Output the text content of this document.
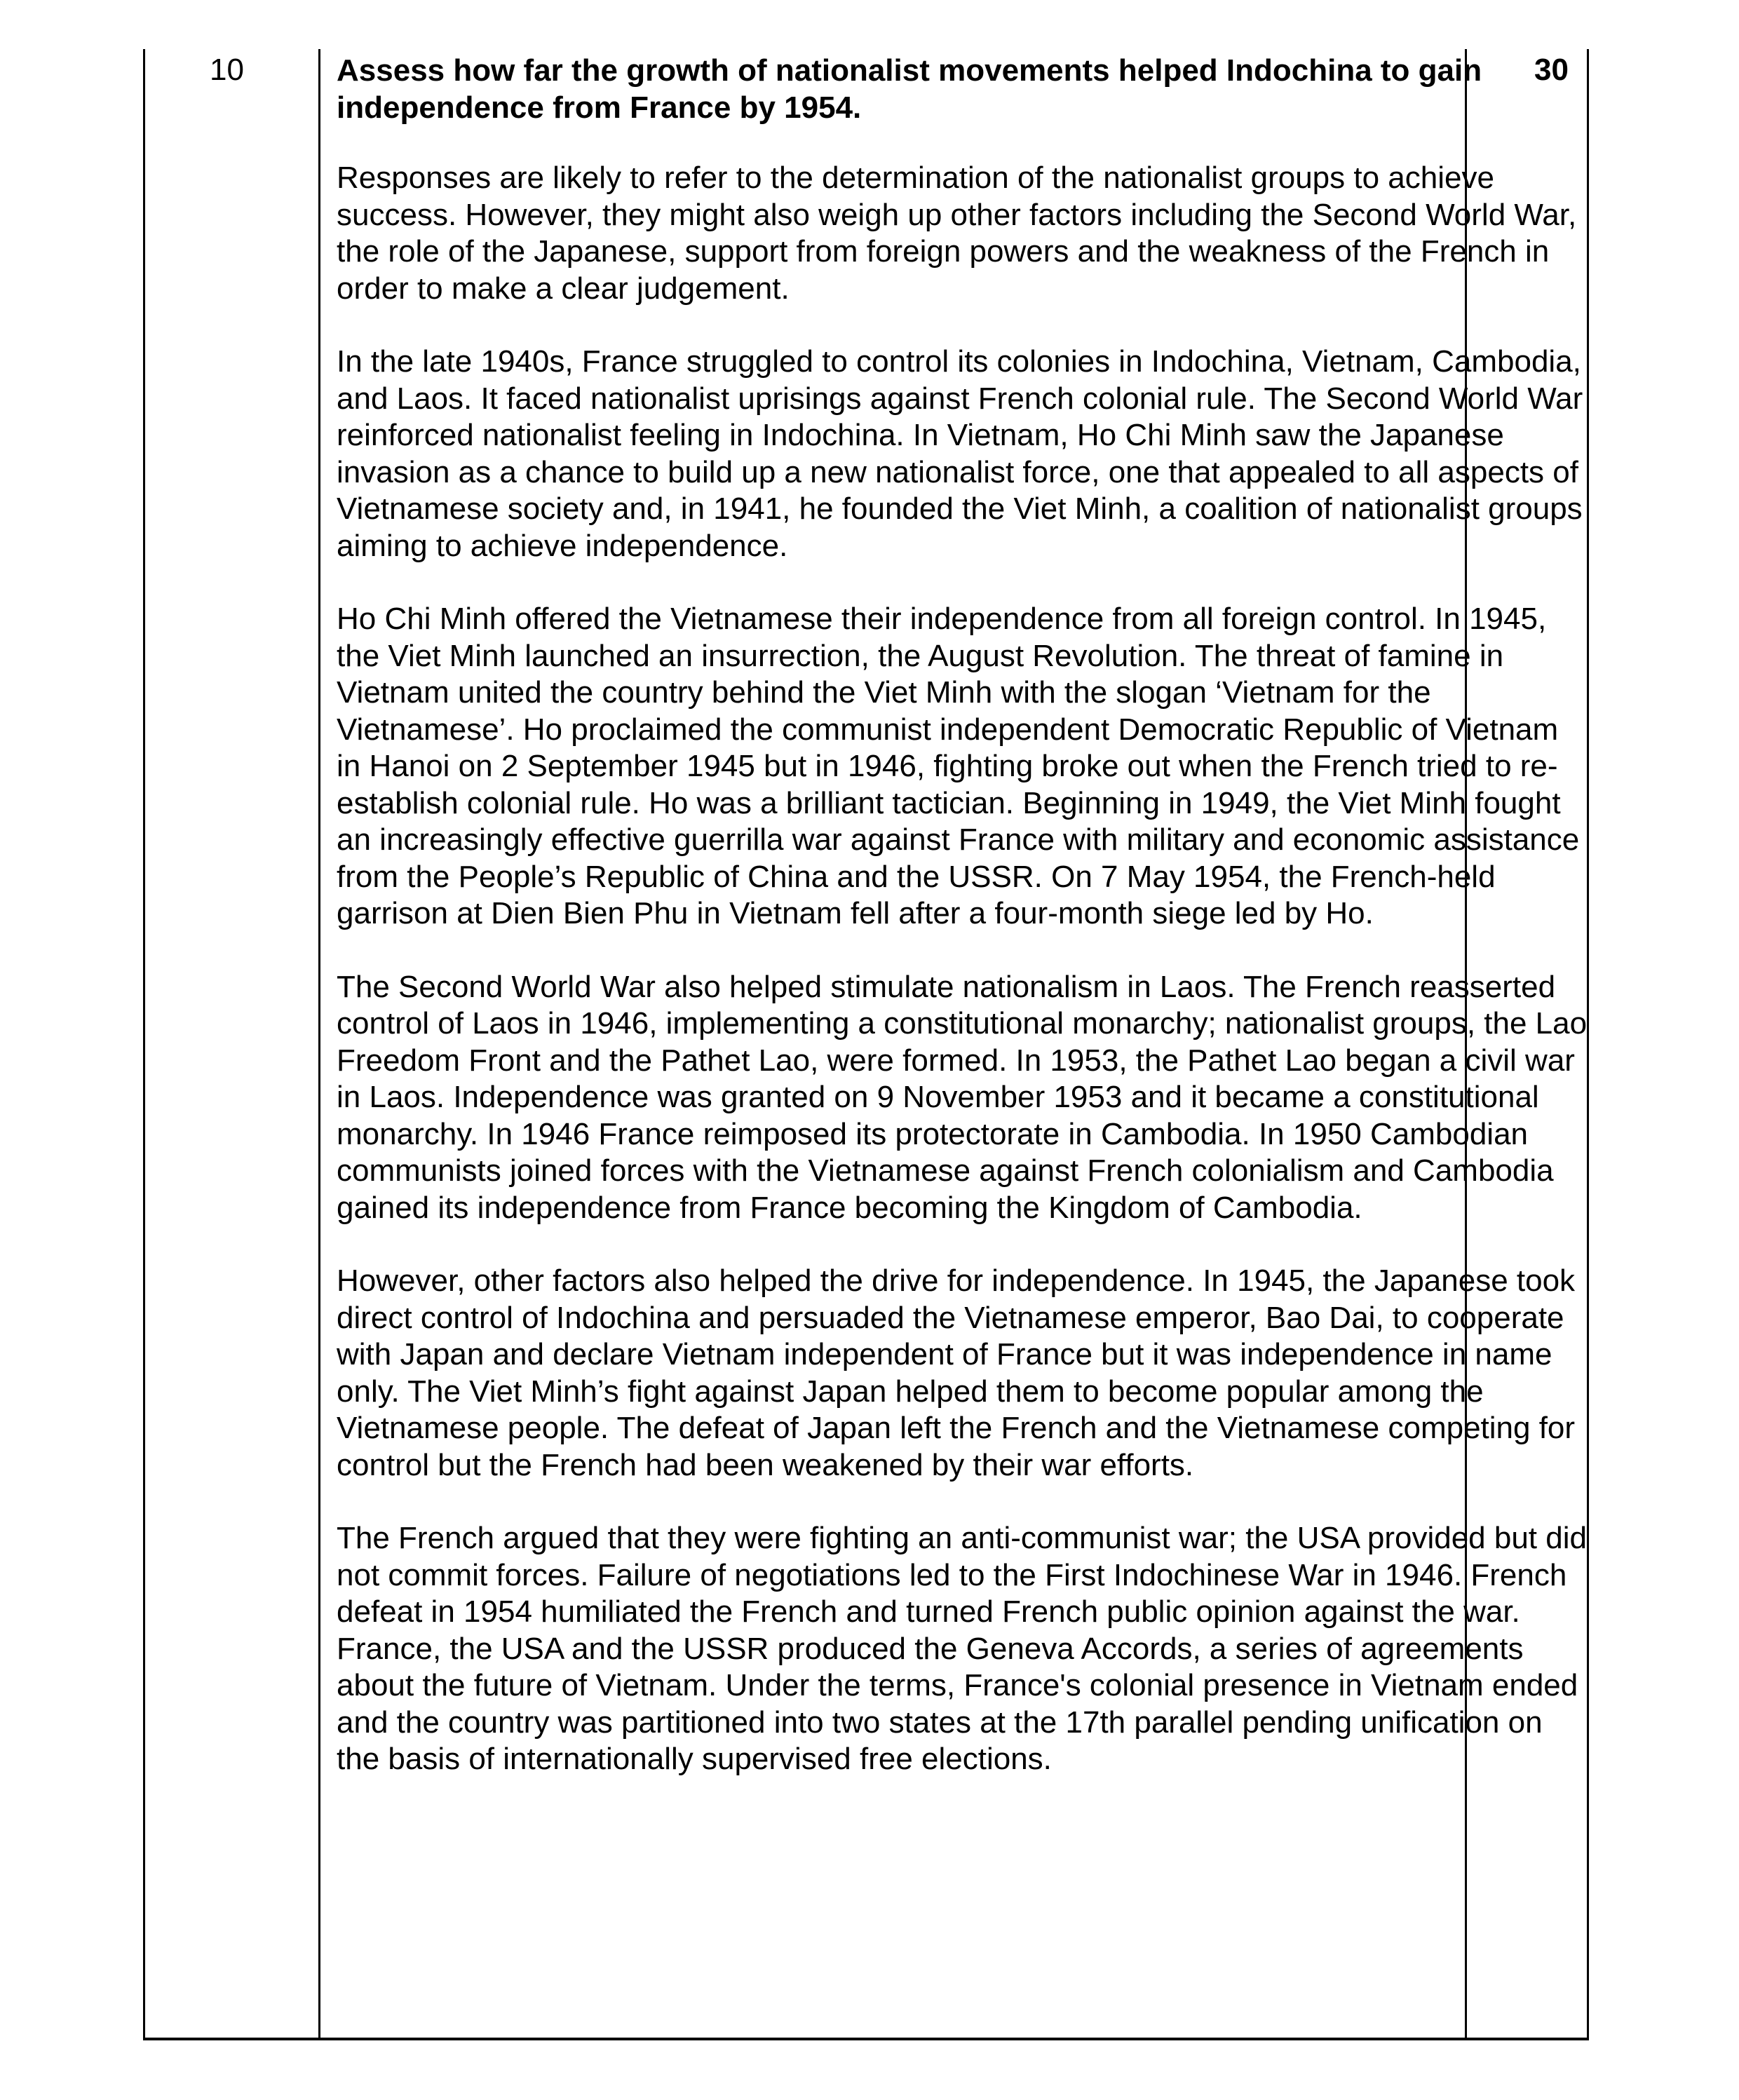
10	Assess how far the growth of nationalist movements helped Indochina to gain independence from France by 1954.

Responses are likely to refer to the determination of the nationalist groups to achieve success. However, they might also weigh up other factors including the Second World War, the role of the Japanese, support from foreign powers and the weakness of the French in order to make a clear judgement.

In the late 1940s, France struggled to control its colonies in Indochina, Vietnam, Cambodia, and Laos. It faced nationalist uprisings against French colonial rule. The Second World War reinforced nationalist feeling in Indochina. In Vietnam, Ho Chi Minh saw the Japanese invasion as a chance to build up a new nationalist force, one that appealed to all aspects of Vietnamese society and, in 1941, he founded the Viet Minh, a coalition of nationalist groups aiming to achieve independence.

Ho Chi Minh offered the Vietnamese their independence from all foreign control. In 1945, the Viet Minh launched an insurrection, the August Revolution. The threat of famine in Vietnam united the country behind the Viet Minh with the slogan ‘Vietnam for the Vietnamese’. Ho proclaimed the communist independent Democratic Republic of Vietnam in Hanoi on 2 September 1945 but in 1946, fighting broke out when the French tried to re-establish colonial rule. Ho was a brilliant tactician. Beginning in 1949, the Viet Minh fought an increasingly effective guerrilla war against France with military and economic assistance from the People’s Republic of China and the USSR. On 7 May 1954, the French-held garrison at Dien Bien Phu in Vietnam fell after a four-month siege led by Ho.

The Second World War also helped stimulate nationalism in Laos. The French reasserted control of Laos in 1946, implementing a constitutional monarchy; nationalist groups, the Lao Freedom Front and the Pathet Lao, were formed. In 1953, the Pathet Lao began a civil war in Laos. Independence was granted on 9 November 1953 and it became a constitutional monarchy. In 1946 France reimposed its protectorate in Cambodia. In 1950 Cambodian communists joined forces with the Vietnamese against French colonialism and Cambodia gained its independence from France becoming the Kingdom of Cambodia.

However, other factors also helped the drive for independence. In 1945, the Japanese took direct control of Indochina and persuaded the Vietnamese emperor, Bao Dai, to cooperate with Japan and declare Vietnam independent of France but it was independence in name only. The Viet Minh’s fight against Japan helped them to become popular among the Vietnamese people. The defeat of Japan left the French and the Vietnamese competing for control but the French had been weakened by their war efforts.

The French argued that they were fighting an anti-communist war; the USA provided but did not commit forces. Failure of negotiations led to the First Indochinese War in 1946. French defeat in 1954 humiliated the French and turned French public opinion against the war. France, the USA and the USSR produced the Geneva Accords, a series of agreements about the future of Vietnam. Under the terms, France's colonial presence in Vietnam ended and the country was partitioned into two states at the 17th parallel pending unification on the basis of internationally supervised free elections.

30
